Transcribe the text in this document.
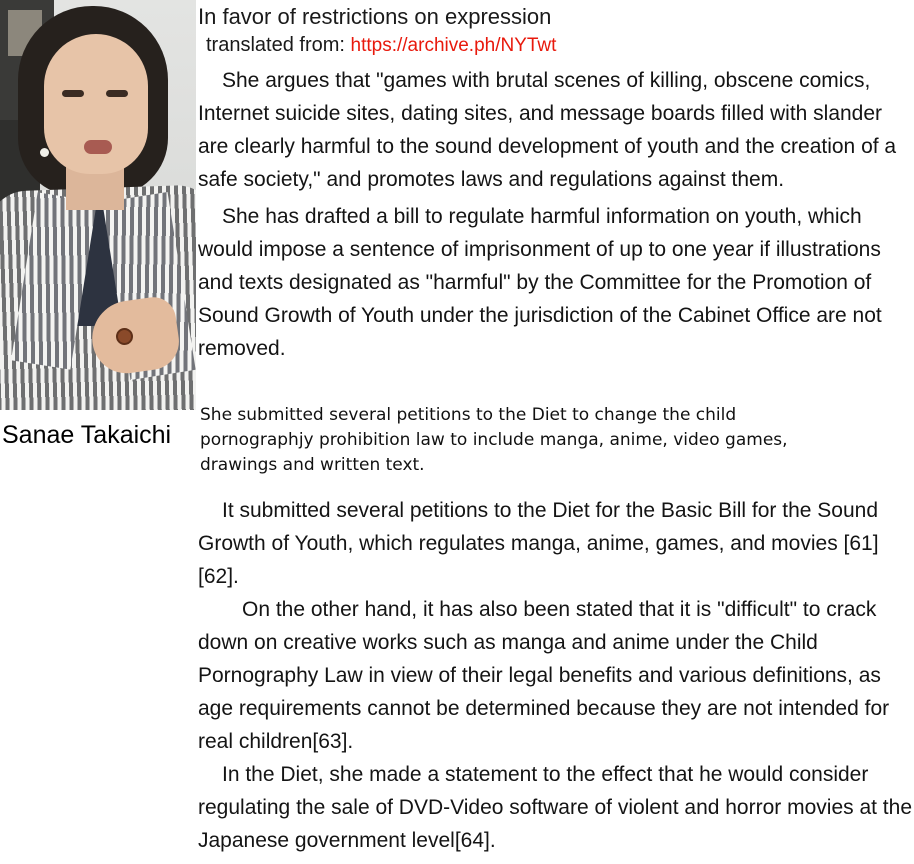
Sanae Takaichi
In favor of restrictions on expression
translated from: https://archive.ph/NYTwt

She argues that "games with brutal scenes of killing, obscene comics, Internet suicide sites, dating sites, and message boards filled with slander are clearly harmful to the sound development of youth and the creation of a safe society," and promotes laws and regulations against them.

She has drafted a bill to regulate harmful information on youth, which would impose a sentence of imprisonment of up to one year if illustrations and texts designated as "harmful" by the Committee for the Promotion of Sound Growth of Youth under the jurisdiction of the Cabinet Office are not removed.

She submitted several petitions to the Diet to change the child pornographjy prohibition law to include manga, anime, video games, drawings and written text.

It submitted several petitions to the Diet for the Basic Bill for the Sound Growth of Youth, which regulates manga, anime, games, and movies [61][62].

On the other hand, it has also been stated that it is "difficult" to crack down on creative works such as manga and anime under the Child Pornography Law in view of their legal benefits and various definitions, as age requirements cannot be determined because they are not intended for real children[63].

In the Diet, she made a statement to the effect that he would consider regulating the sale of DVD-Video software of violent and horror movies at the Japanese government level[64].
